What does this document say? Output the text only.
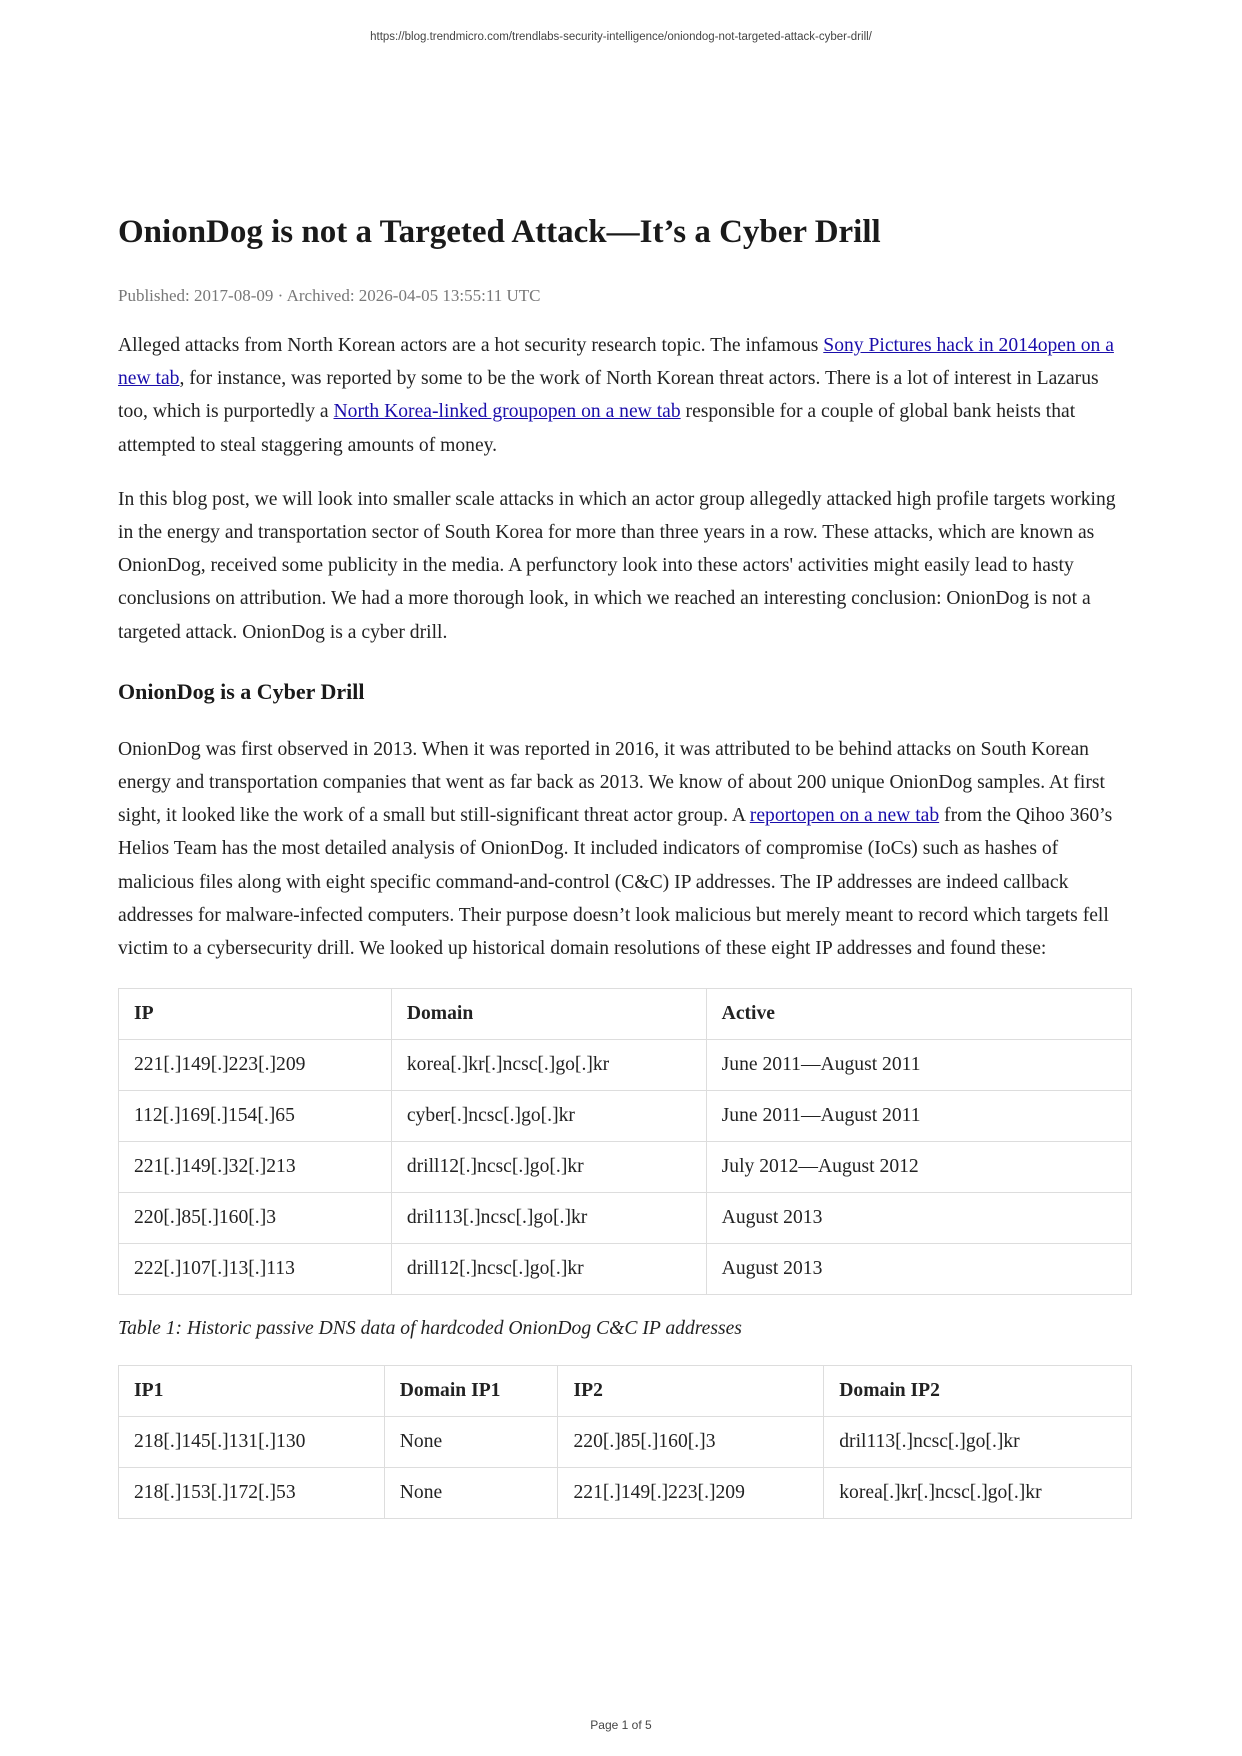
https://blog.trendmicro.com/trendlabs-security-intelligence/oniondog-not-targeted-attack-cyber-drill/
OnionDog is not a Targeted Attack—It’s a Cyber Drill
Published: 2017-08-09 · Archived: 2026-04-05 13:55:11 UTC

Alleged attacks from North Korean actors are a hot security research topic. The infamous Sony Pictures hack in 2014open on a new tab, for instance, was reported by some to be the work of North Korean threat actors. There is a lot of interest in Lazarus too, which is purportedly a North Korea-linked groupopen on a new tab responsible for a couple of global bank heists that attempted to steal staggering amounts of money.

In this blog post, we will look into smaller scale attacks in which an actor group allegedly attacked high profile targets working in the energy and transportation sector of South Korea for more than three years in a row. These attacks, which are known as OnionDog, received some publicity in the media. A perfunctory look into these actors' activities might easily lead to hasty conclusions on attribution. We had a more thorough look, in which we reached an interesting conclusion: OnionDog is not a targeted attack. OnionDog is a cyber drill.

OnionDog is a Cyber Drill

OnionDog was first observed in 2013. When it was reported in 2016, it was attributed to be behind attacks on South Korean energy and transportation companies that went as far back as 2013. We know of about 200 unique OnionDog samples. At first sight, it looked like the work of a small but still-significant threat actor group. A reportopen on a new tab from the Qihoo 360’s Helios Team has the most detailed analysis of OnionDog. It included indicators of compromise (IoCs) such as hashes of malicious files along with eight specific command-and-control (C&C) IP addresses. The IP addresses are indeed callback addresses for malware-infected computers. Their purpose doesn’t look malicious but merely meant to record which targets fell victim to a cybersecurity drill. We looked up historical domain resolutions of these eight IP addresses and found these:

IP	Domain	Active
221[.]149[.]223[.]209	korea[.]kr[.]ncsc[.]go[.]kr	June 2011—August 2011
112[.]169[.]154[.]65	cyber[.]ncsc[.]go[.]kr	June 2011—August 2011
221[.]149[.]32[.]213	drill12[.]ncsc[.]go[.]kr	July 2012—August 2012
220[.]85[.]160[.]3	dril113[.]ncsc[.]go[.]kr	August 2013
222[.]107[.]13[.]113	drill12[.]ncsc[.]go[.]kr	August 2013
Table 1: Historic passive DNS data of hardcoded OnionDog C&C IP addresses
IP1	Domain IP1	IP2	Domain IP2
218[.]145[.]131[.]130	None	220[.]85[.]160[.]3	dril113[.]ncsc[.]go[.]kr
218[.]153[.]172[.]53	None	221[.]149[.]223[.]209	korea[.]kr[.]ncsc[.]go[.]kr
Page 1 of 5
